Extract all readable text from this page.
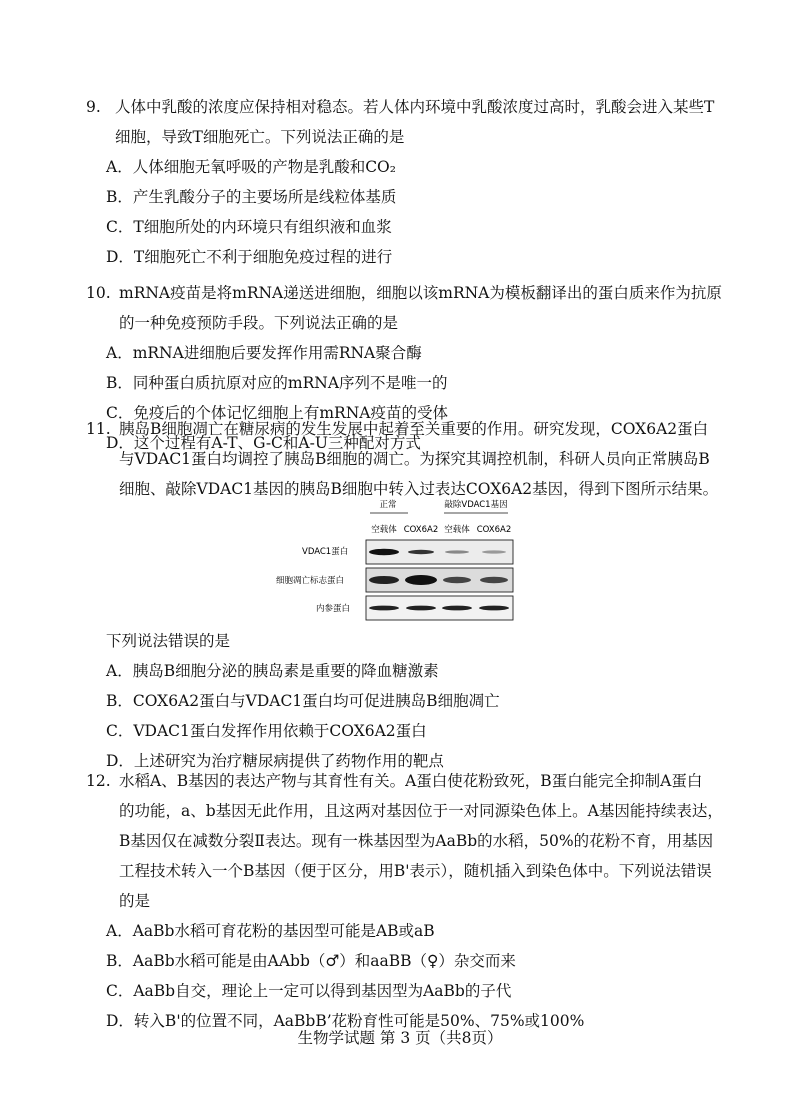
9. 人体中乳酸的浓度应保持相对稳态。若人体内环境中乳酸浓度过高时，乳酸会进入某些T
细胞，导致T细胞死亡。下列说法正确的是
A．人体细胞无氧呼吸的产物是乳酸和CO₂
B．产生乳酸分子的主要场所是线粒体基质
C．T细胞所处的内环境只有组织液和血浆
D．T细胞死亡不利于细胞免疫过程的进行
10. mRNA疫苗是将mRNA递送进细胞，细胞以该mRNA为模板翻译出的蛋白质来作为抗原
的一种免疫预防手段。下列说法正确的是
A．mRNA进细胞后要发挥作用需RNA聚合酶
B．同种蛋白质抗原对应的mRNA序列不是唯一的
C．免疫后的个体记忆细胞上有mRNA疫苗的受体
D．这个过程有A-T、G-C和A-U三种配对方式
11. 胰岛B细胞凋亡在糖尿病的发生发展中起着至关重要的作用。研究发现，COX6A2蛋白
与VDAC1蛋白均调控了胰岛B细胞的凋亡。为探究其调控机制，科研人员向正常胰岛B
细胞、敲除VDAC1基因的胰岛B细胞中转入过表达COX6A2基因，得到下图所示结果。
正常	敲除VDAC1基因
空载体 COX6A2 空载体 COX6A2
VDAC1蛋白
细胞凋亡标志蛋白
内参蛋白
下列说法错误的是
A．胰岛B细胞分泌的胰岛素是重要的降血糖激素
B．COX6A2蛋白与VDAC1蛋白均可促进胰岛B细胞凋亡
C．VDAC1蛋白发挥作用依赖于COX6A2蛋白
D．上述研究为治疗糖尿病提供了药物作用的靶点
12. 水稻A、B基因的表达产物与其育性有关。A蛋白使花粉致死，B蛋白能完全抑制A蛋白
的功能，a、b基因无此作用，且这两对基因位于一对同源染色体上。A基因能持续表达，
B基因仅在减数分裂Ⅱ表达。现有一株基因型为AaBb的水稻，50%的花粉不育，用基因
工程技术转入一个B基因（便于区分，用B'表示），随机插入到染色体中。下列说法错误
的是
A．AaBb水稻可育花粉的基因型可能是AB或aB
B．AaBb水稻可能是由AAbb（♂）和aaBB（♀）杂交而来
C．AaBb自交，理论上一定可以得到基因型为AaBb的子代
D．转入B'的位置不同，AaBbB’花粉育性可能是50%、75%或100%
生物学试题 第 3 页（共8页）
